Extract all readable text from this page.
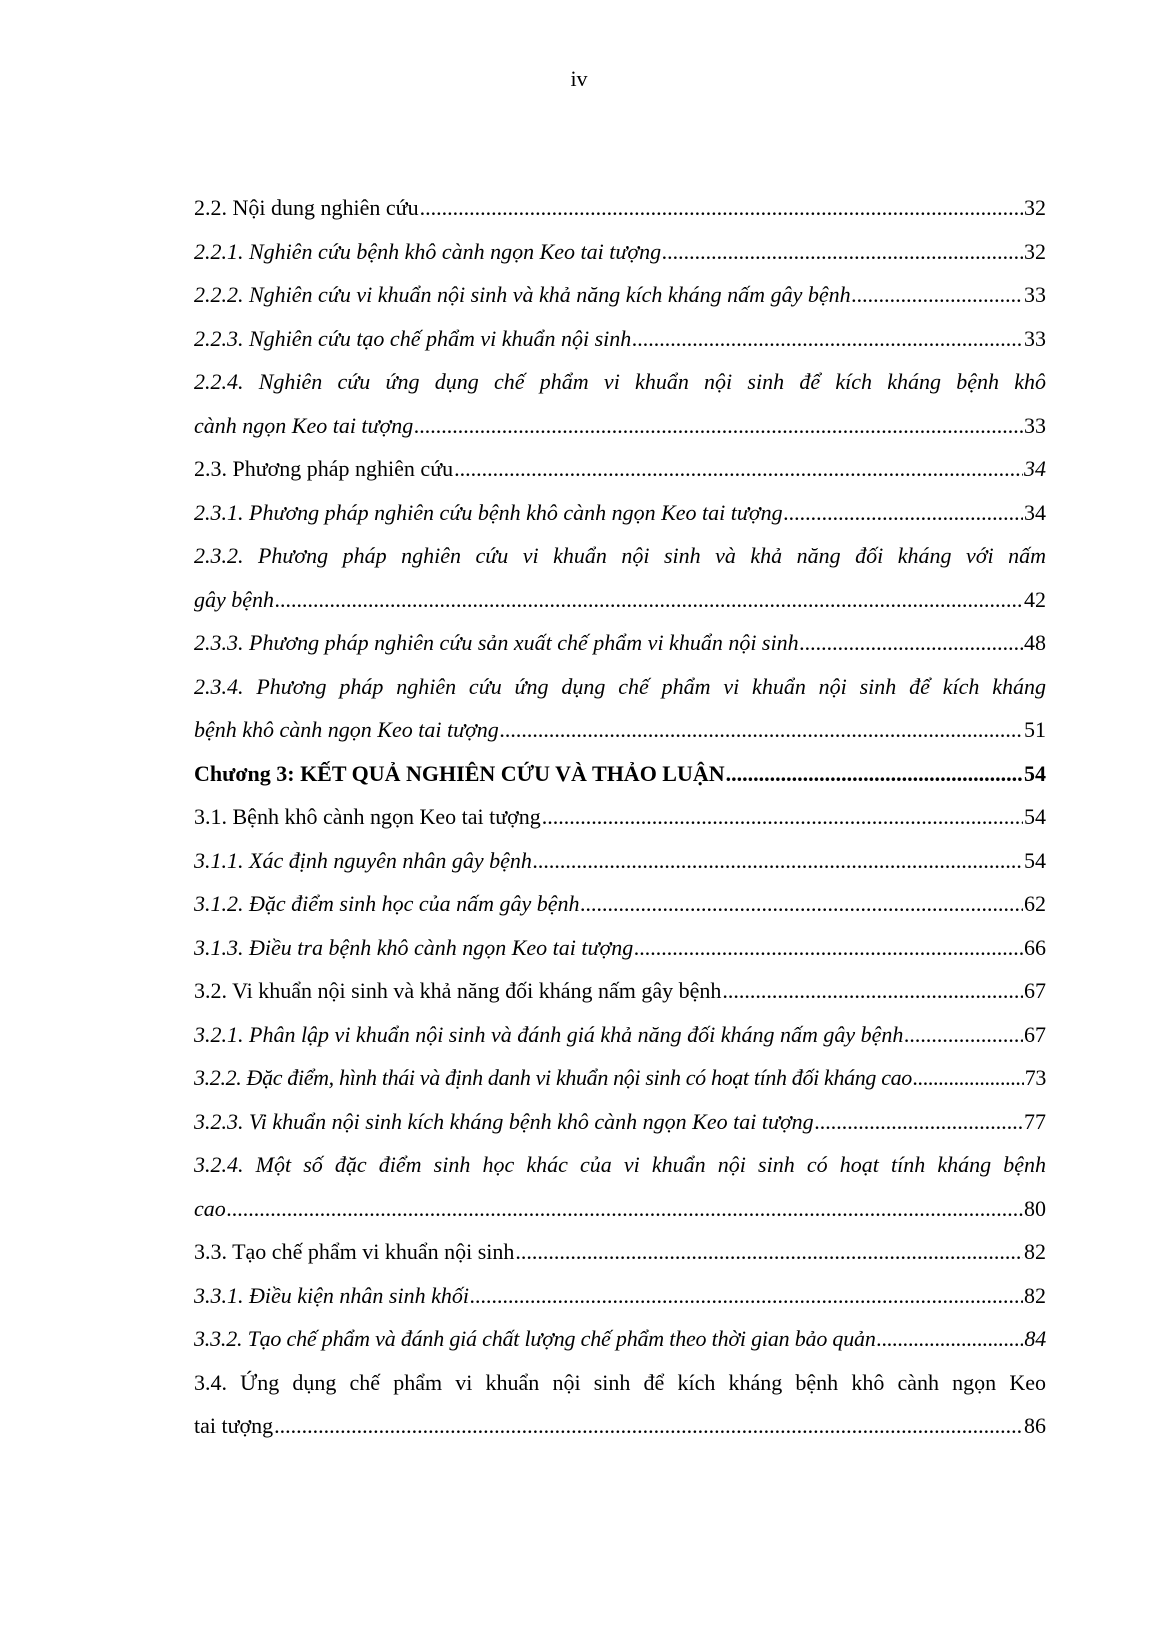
iv
2.2. Nội dung nghiên cứu .....	32
2.2.1. Nghiên cứu bệnh khô cành ngọn Keo tai tượng .....	32
2.2.2. Nghiên cứu vi khuẩn nội sinh và khả năng kích kháng nấm gây bệnh .....	33
2.2.3. Nghiên cứu tạo chế phẩm vi khuẩn nội sinh .....	33
2.2.4. Nghiên cứu ứng dụng chế phẩm vi khuẩn nội sinh để kích kháng bệnh khô
cành ngọn Keo tai tượng .....	33
2.3. Phương pháp nghiên cứu .....	34
2.3.1. Phương pháp nghiên cứu bệnh khô cành ngọn Keo tai tượng .....	34
2.3.2. Phương pháp nghiên cứu vi khuẩn nội sinh và khả năng đối kháng với nấm
gây bệnh .....	42
2.3.3. Phương pháp nghiên cứu sản xuất chế phẩm vi khuẩn nội sinh .....	48
2.3.4. Phương pháp nghiên cứu ứng dụng chế phẩm vi khuẩn nội sinh để kích kháng
bệnh khô cành ngọn Keo tai tượng .....	51
Chương 3: KẾT QUẢ NGHIÊN CỨU VÀ THẢO LUẬN .....	54
3.1. Bệnh khô cành ngọn Keo tai tượng .....	54
3.1.1. Xác định nguyên nhân gây bệnh .....	54
3.1.2. Đặc điểm sinh học của nấm gây bệnh .....	62
3.1.3. Điều tra bệnh khô cành ngọn Keo tai tượng .....	66
3.2. Vi khuẩn nội sinh và khả năng đối kháng nấm gây bệnh .....	67
3.2.1. Phân lập vi khuẩn nội sinh và đánh giá khả năng đối kháng nấm gây bệnh .....	67
3.2.2. Đặc điểm, hình thái và định danh vi khuẩn nội sinh có hoạt tính đối kháng cao .....	73
3.2.3. Vi khuẩn nội sinh kích kháng bệnh khô cành ngọn Keo tai tượng .....	77
3.2.4. Một số đặc điểm sinh học khác của vi khuẩn nội sinh có hoạt tính kháng bệnh
cao .....	80
3.3. Tạo chế phẩm vi khuẩn nội sinh .....	82
3.3.1. Điều kiện nhân sinh khối .....	82
3.3.2. Tạo chế phẩm và đánh giá chất lượng chế phẩm theo thời gian bảo quản .....	84
3.4. Ứng dụng chế phẩm vi khuẩn nội sinh để kích kháng bệnh khô cành ngọn Keo
tai tượng .....	86
